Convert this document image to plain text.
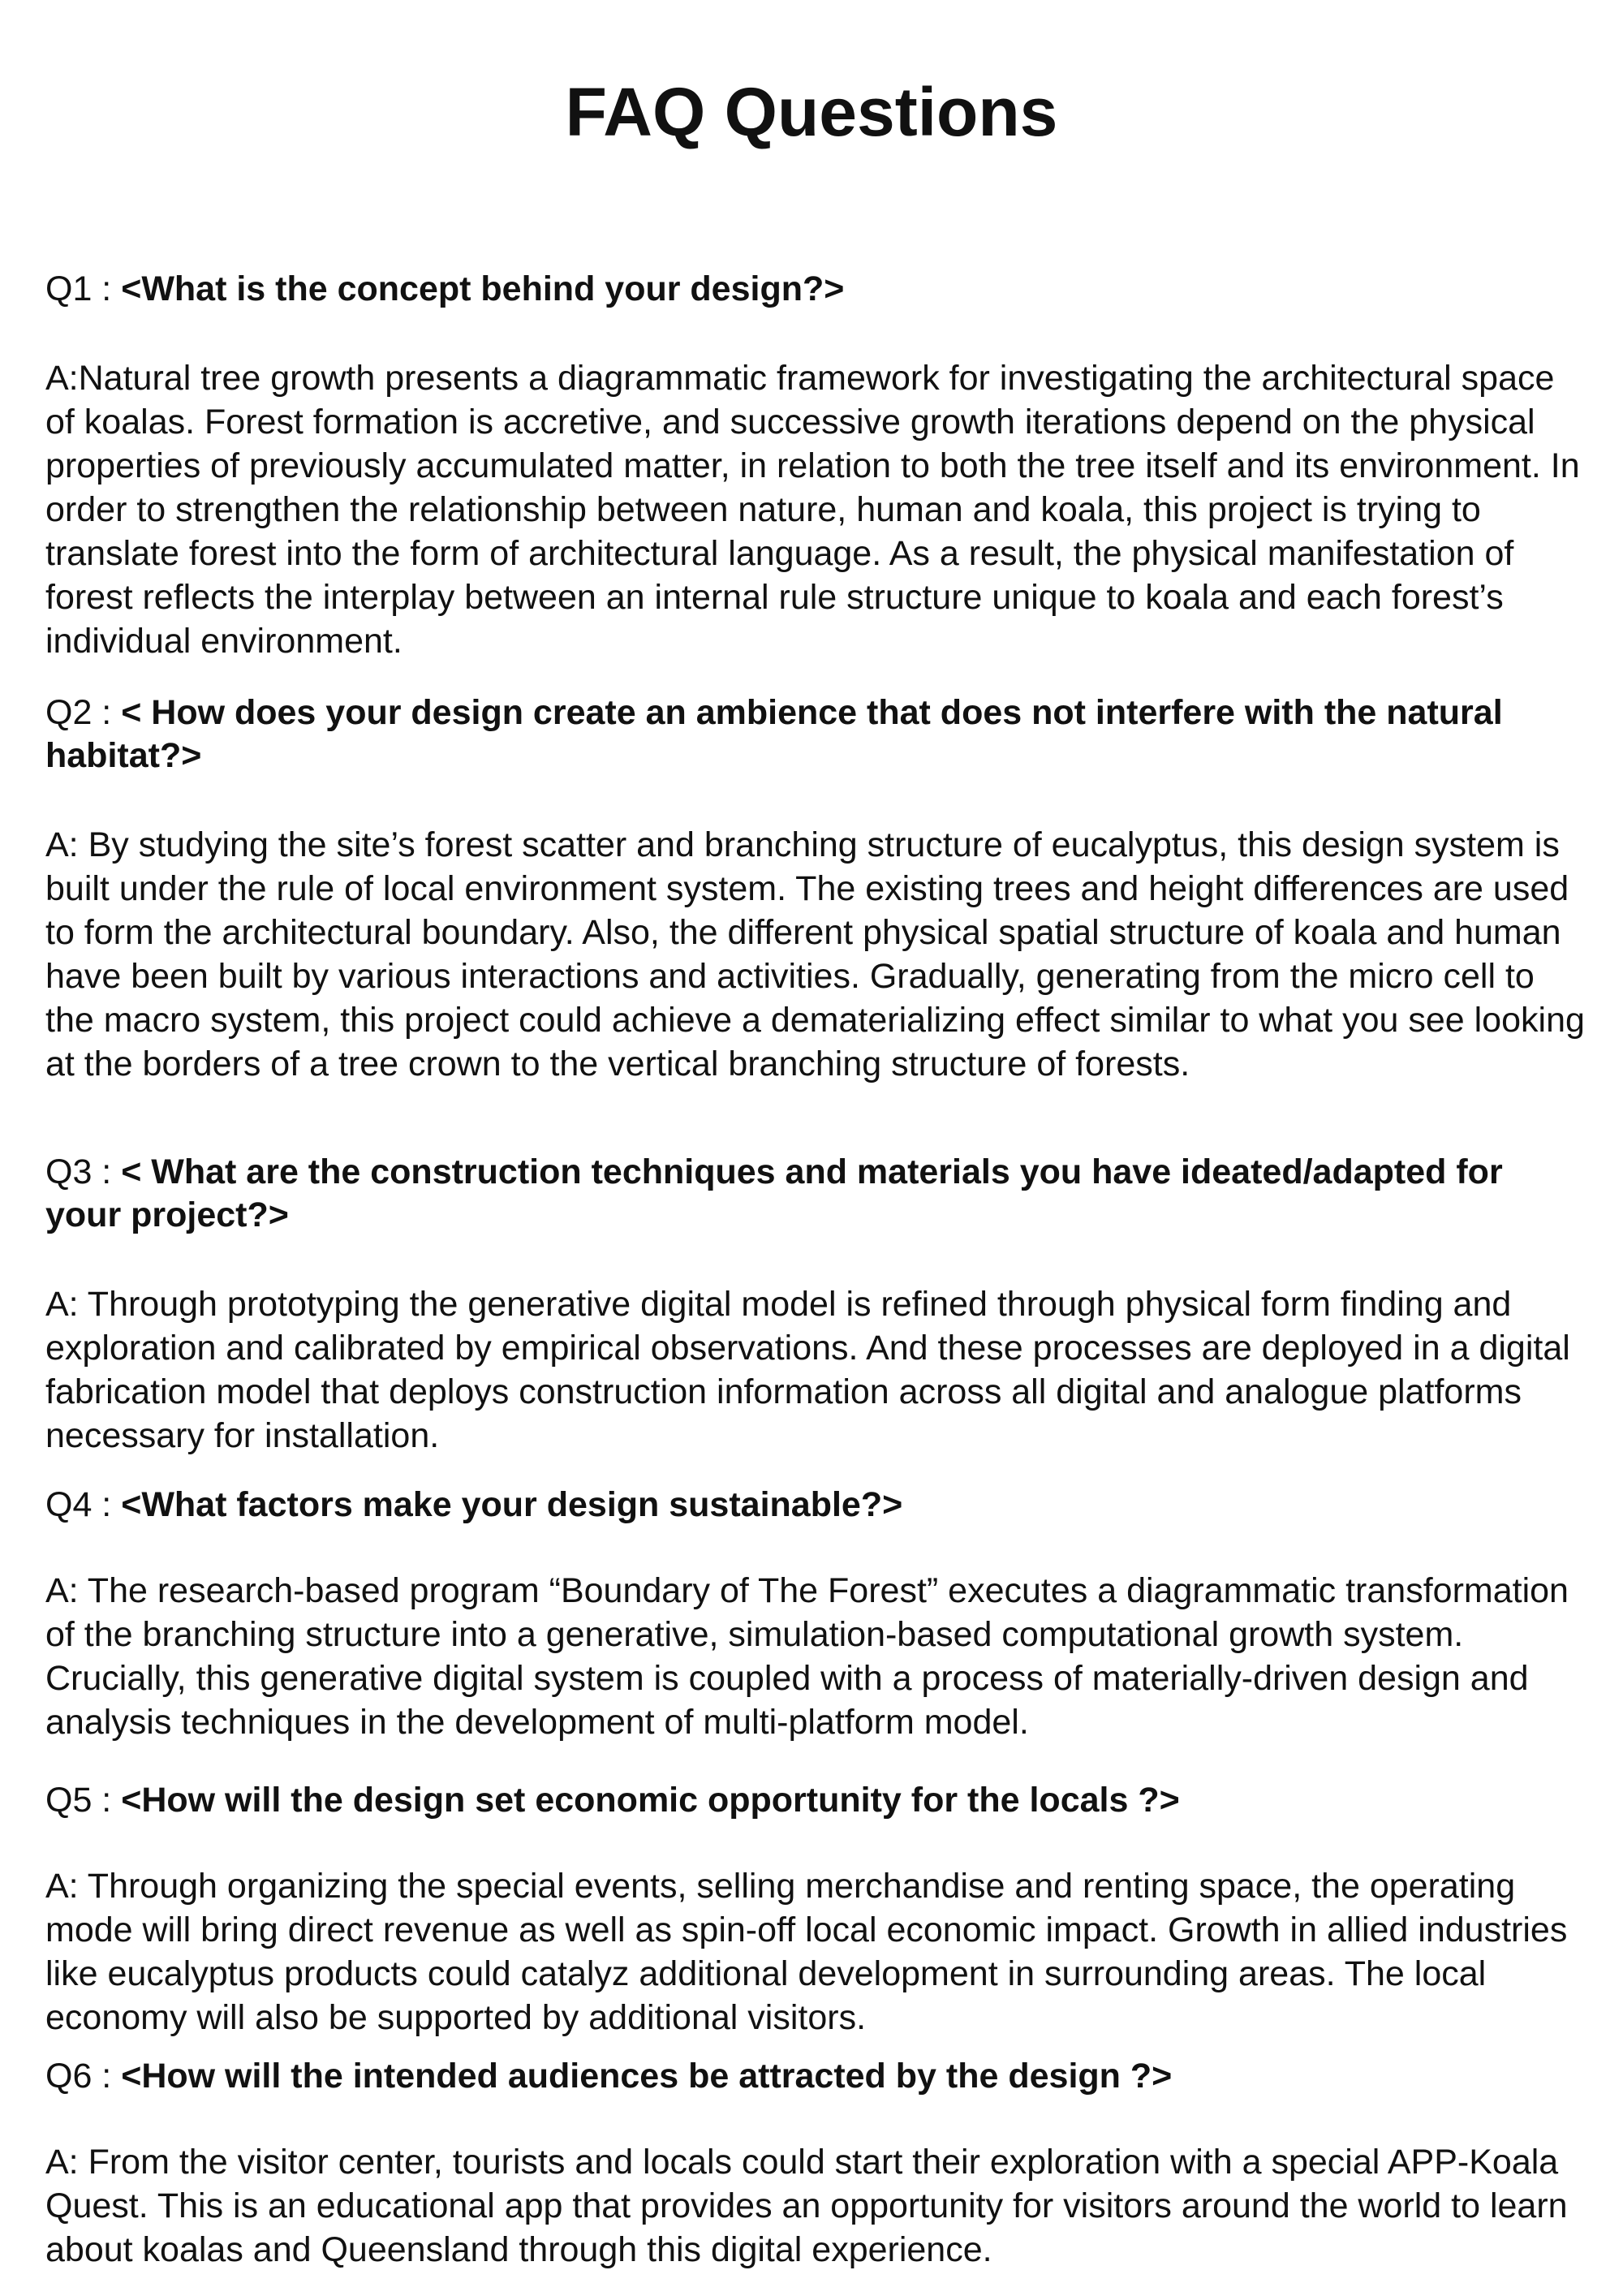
FAQ Questions

Q1 : <What is the concept behind your design?>

A:Natural tree growth presents a diagrammatic framework for investigating the architectural space of koalas. Forest formation is accretive, and successive growth iterations depend on the physical properties of previously accumulated matter, in relation to both the tree itself and its environment. In order to strengthen the relationship between nature, human and koala, this project is trying to translate forest into the form of architectural language. As a result, the physical manifestation of forest reflects the interplay between an internal rule structure unique to koala and each forest’s individual environment.

Q2 : < How does your design create an ambience that does not interfere with the natural habitat?>

A: By studying the site’s forest scatter and branching structure of eucalyptus, this design system is built under the rule of local environment system. The existing trees and height differences are used to form the architectural boundary. Also, the different physical spatial structure of koala and human have been built by various interactions and activities. Gradually, generating from the micro cell to the macro system, this project could achieve a dematerializing effect similar to what you see looking at the borders of a tree crown to the vertical branching structure of forests.

Q3 : < What are the construction techniques and materials you have ideated/adapted for your project?>

A: Through prototyping the generative digital model is refined through physical form finding and exploration and calibrated by empirical observations. And these processes are deployed in a digital fabrication model that deploys construction information across all digital and analogue platforms necessary for installation.

Q4 : <What factors make your design sustainable?>

A: The research-based program “Boundary of The Forest” executes a diagrammatic transformation of the branching structure into a generative, simulation-based computational growth system. Crucially, this generative digital system is coupled with a process of materially-driven design and analysis techniques in the development of multi-platform model.

Q5 : <How will the design set economic opportunity for the locals ?>

A: Through organizing the special events, selling merchandise and renting space, the operating mode will bring direct revenue as well as spin-off local economic impact. Growth in allied industries like eucalyptus products could catalyz additional development in surrounding areas. The local economy will also be supported by additional visitors.

Q6 : <How will the intended audiences be attracted by the design ?>

A: From the visitor center, tourists and locals could start their exploration with a special APP-Koala Quest. This is an educational app that provides an opportunity for visitors around the world to learn about koalas and Queensland through this digital experience.
